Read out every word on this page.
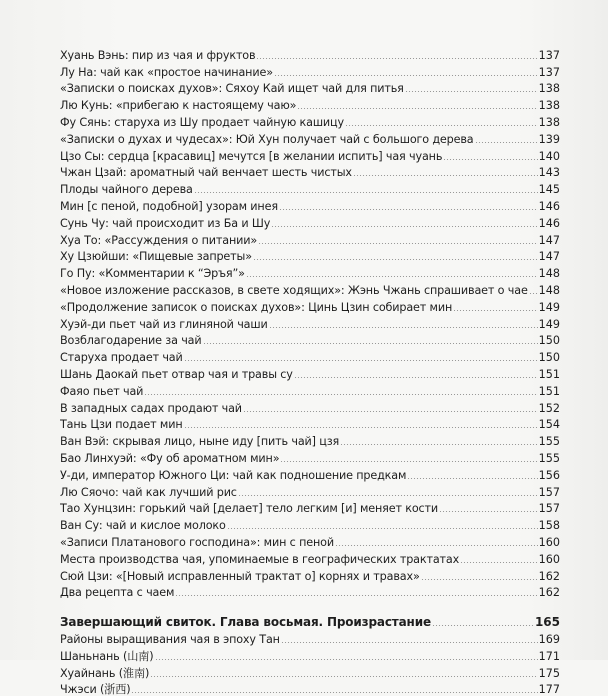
Хуань Вэнь: пир из чая и фруктов	137
Лу На: чай как «простое начинание»	137
«Записки о поисках духов»: Сяхоу Кай ищет чай для питья	138
Лю Кунь: «прибегаю к настоящему чаю»	138
Фу Сянь: старуха из Шу продает чайную кашицу	138
«Записки о духах и чудесах»: Юй Хун получает чай с большого дерева	139
Цзо Сы: сердца [красавиц] мечутся [в желании испить] чая чуань	140
Чжан Цзай: ароматный чай венчает шесть чистых	143
Плоды чайного дерева	145
Мин [с пеной, подобной] узорам инея	146
Сунь Чу: чай происходит из Ба и Шу	146
Хуа То: «Рассуждения о питании»	147
Ху Цзюйши: «Пищевые запреты»	147
Го Пу: «Комментарии к “Эръя”»	148
«Новое изложение рассказов, в свете ходящих»: Жэнь Чжань спрашивает о чае 148
«Продолжение записок о поисках духов»: Цинь Цзин собирает мин	149
Хуэй-ди пьет чай из глиняной чаши	149
Возблагодарение за чай	150
Старуха продает чай	150
Шань Даокай пьет отвар чая и травы су	151
Фаяо пьет чай	151
В западных садах продают чай	152
Тань Цзи подает мин	154
Ван Вэй: скрывая лицо, ныне иду [пить чай] цзя	155
Бао Линхуэй: «Фу об ароматном мин»	155
У-ди, император Южного Ци: чай как подношение предкам	156
Лю Сяочо: чай как лучший рис	157
Тао Хунцзин: горький чай [делает] тело легким [и] меняет кости	157
Ван Су: чай и кислое молоко	158
«Записи Платанового господина»: мин с пеной	160
Места производства чая, упоминаемые в географических трактатах	160
Сюй Цзи: «[Новый исправленный трактат о] корнях и травах»	162
Два рецепта с чаем	162
Завершающий свиток. Глава восьмая. Произрастание	165
Районы выращивания чая в эпоху Тан	169
Шаньнань (山南)	171
Хуайнань (淮南)	175
Чжэси (浙西)	177
